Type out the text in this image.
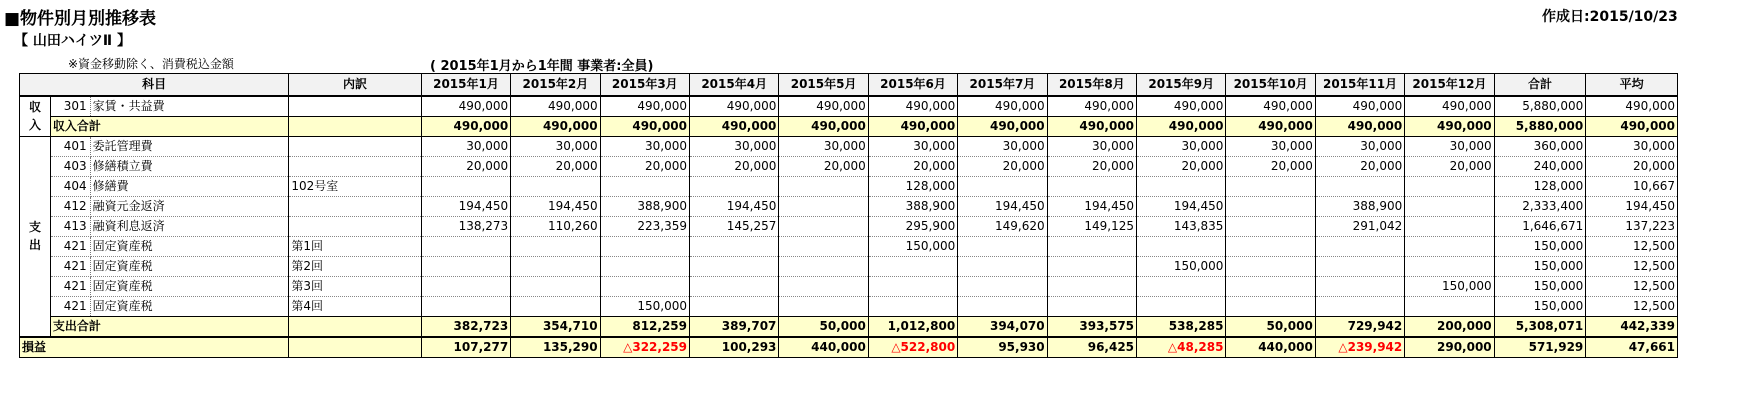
■物件別月別推移表	作成日:2015/10/23
【 山田ハイツⅡ 】
※資金移動除く、消費税込金額	( 2015年1月から1年間 事業者:全員)
科目			内訳	2015年1月	2015年2月	2015年3月	2015年4月	2015年5月	2015年6月	2015年7月	2015年8月	2015年9月	2015年10月	2015年11月	2015年12月	合計	平均

収
入	301	家賃・共益費		490,000	490,000	490,000	490,000	490,000	490,000	490,000	490,000	490,000	490,000	490,000	490,000	5,880,000	490,000
	収入合計			490,000	490,000	490,000	490,000	490,000	490,000	490,000	490,000	490,000	490,000	490,000	490,000	5,880,000	490,000

支
出	401	委託管理費		30,000	30,000	30,000	30,000	30,000	30,000	30,000	30,000	30,000	30,000	30,000	30,000	360,000	30,000
	403	修繕積立費		20,000	20,000	20,000	20,000	20,000	20,000	20,000	20,000	20,000	20,000	20,000	20,000	240,000	20,000
	404	修繕費	102号室						128,000							128,000	10,667
	412	融資元金返済		194,450	194,450	388,900	194,450		388,900	194,450	194,450	194,450		388,900		2,333,400	194,450
	413	融資利息返済		138,273	110,260	223,359	145,257		295,900	149,620	149,125	143,835		291,042		1,646,671	137,223
	421	固定資産税	第1回						150,000							150,000	12,500
	421	固定資産税	第2回									150,000				150,000	12,500
	421	固定資産税	第3回												150,000	150,000	12,500
	421	固定資産税	第4回			150,000										150,000	12,500
	支出合計			382,723	354,710	812,259	389,707	50,000	1,012,800	394,070	393,575	538,285	50,000	729,942	200,000	5,308,071	442,339
損益				107,277	135,290	△322,259	100,293	440,000	△522,800	95,930	96,425	△48,285	440,000	△239,942	290,000	571,929	47,661
